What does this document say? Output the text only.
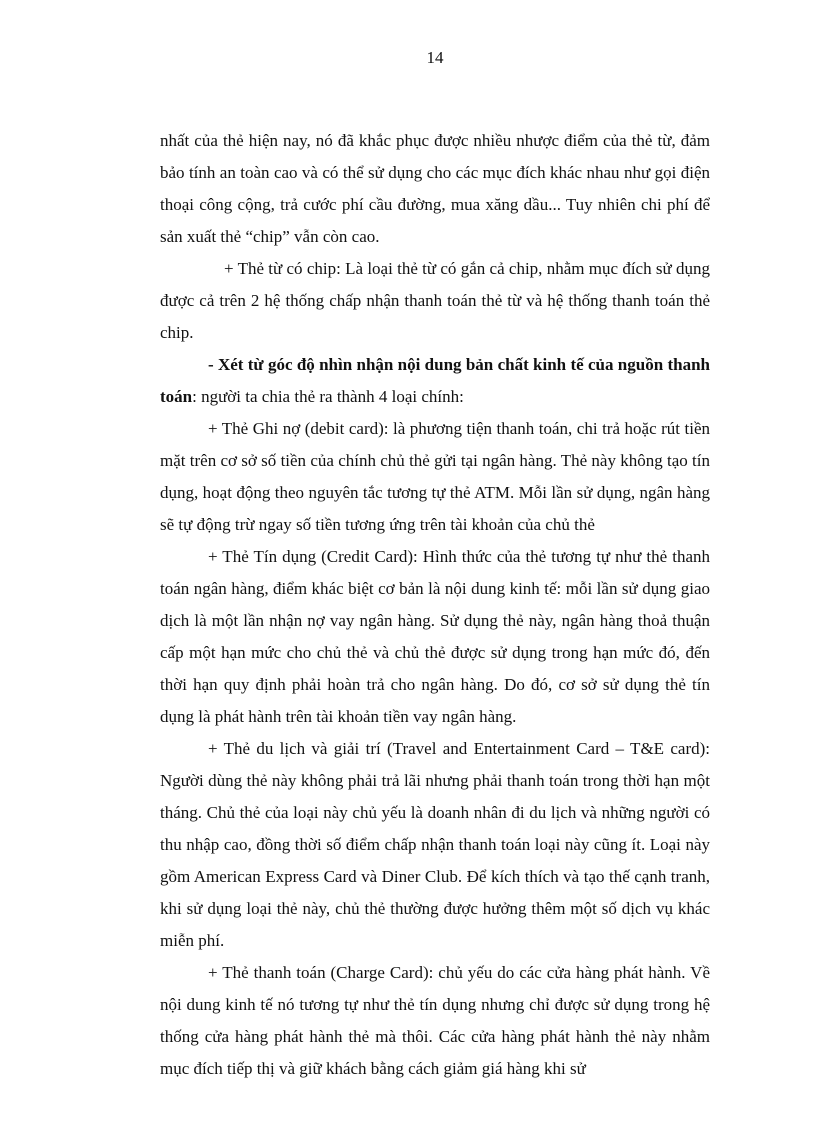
14

nhất của thẻ hiện nay, nó đã khắc phục được nhiều nhược điểm của thẻ từ, đảm bảo tính an toàn cao và có thể sử dụng cho các mục đích khác nhau như gọi điện thoại công cộng, trả cước phí cầu đường, mua xăng dầu... Tuy nhiên chi phí để sản xuất thẻ “chip” vẫn còn cao.

+ Thẻ từ có chip: Là loại thẻ từ có gắn cả chip, nhằm mục đích sử dụng được cả trên 2 hệ thống chấp nhận thanh toán thẻ từ và hệ thống thanh toán thẻ chip.

- Xét từ góc độ nhìn nhận nội dung bản chất kinh tế của nguồn thanh toán: người ta chia thẻ ra thành 4 loại chính:

+ Thẻ Ghi nợ (debit card): là phương tiện thanh toán, chi trả hoặc rút tiền mặt trên cơ sở số tiền của chính chủ thẻ gửi tại ngân hàng. Thẻ này không tạo tín dụng, hoạt động theo nguyên tắc tương tự thẻ ATM. Mỗi lần sử dụng, ngân hàng sẽ tự động trừ ngay số tiền tương ứng trên tài khoản của chủ thẻ

+ Thẻ Tín dụng (Credit Card): Hình thức của thẻ tương tự như thẻ thanh toán ngân hàng, điểm khác biệt cơ bản là nội dung kinh tế: mỗi lần sử dụng giao dịch là một lần nhận nợ vay ngân hàng. Sử dụng thẻ này, ngân hàng thoả thuận cấp một hạn mức cho chủ thẻ và chủ thẻ được sử dụng trong hạn mức đó, đến thời hạn quy định phải hoàn trả cho ngân hàng. Do đó, cơ sở sử dụng thẻ tín dụng là phát hành trên tài khoản tiền vay ngân hàng.

+ Thẻ du lịch và giải trí (Travel and Entertainment Card – T&E card): Người dùng thẻ này không phải trả lãi nhưng phải thanh toán trong thời hạn một tháng. Chủ thẻ của loại này chủ yếu là doanh nhân đi du lịch và những người có thu nhập cao, đồng thời số điểm chấp nhận thanh toán loại này cũng ít. Loại này gồm American Express Card và Diner Club. Để kích thích và tạo thế cạnh tranh, khi sử dụng loại thẻ này, chủ thẻ thường được hưởng thêm một số dịch vụ khác miễn phí.

+ Thẻ thanh toán (Charge Card): chủ yếu do các cửa hàng phát hành. Về nội dung kinh tế nó tương tự như thẻ tín dụng nhưng chỉ được sử dụng trong hệ thống cửa hàng phát hành thẻ mà thôi. Các cửa hàng phát hành thẻ này nhằm mục đích tiếp thị và giữ khách bằng cách giảm giá hàng khi sử
